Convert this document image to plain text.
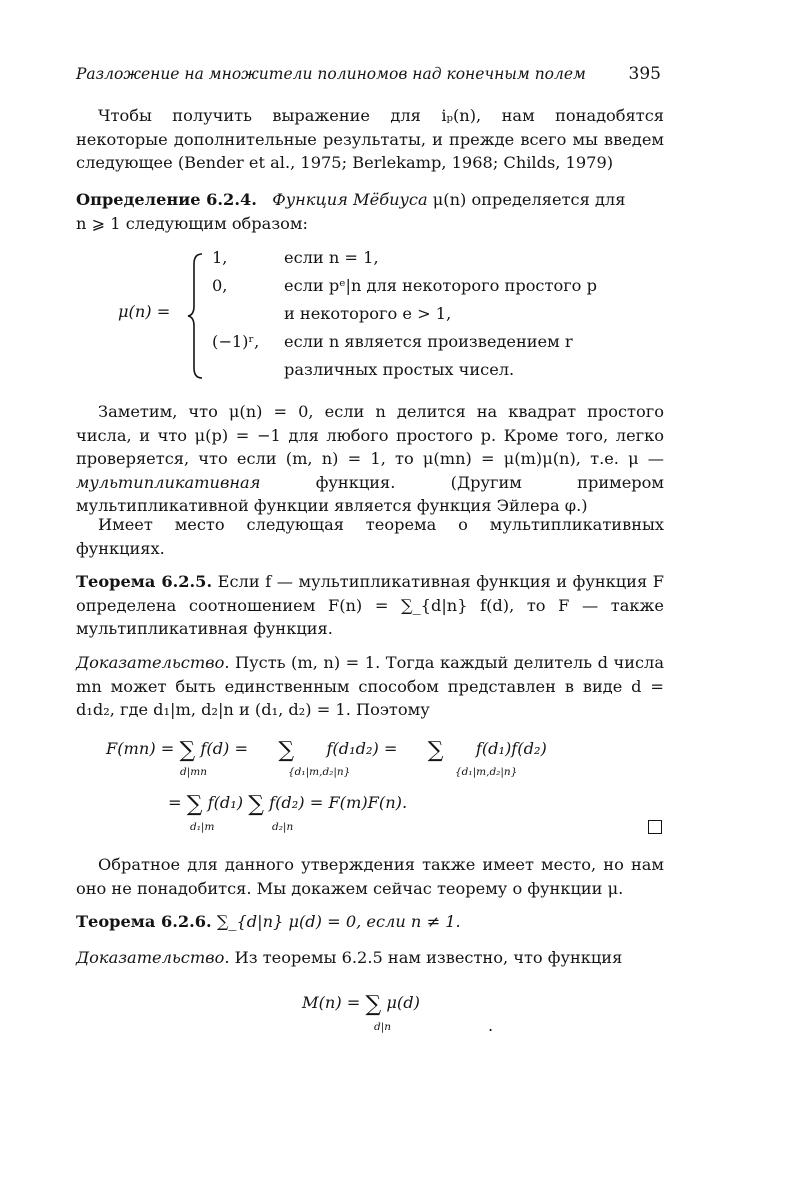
Разложение на множители полиномов над конечным полем	395

Чтобы получить выражение для iₚ(n), нам понадобятся некоторые дополнительные результаты, и прежде всего мы введем следующее (Bender et al., 1975; Berlekamp, 1968; Childs, 1979)

Определение 6.2.4. Функция Мёбиуса μ(n) определяется для
n ⩾ 1 следующим образом:
μ(n) =
1,	если n = 1,
0,	если pᵉ|n для некоторого простого p
и некоторого e > 1,
(−1)ʳ, если n является произведением r
различных простых чисел.

Заметим, что μ(n) = 0, если n делится на квадрат простого числа, и что μ(p) = −1 для любого простого p. Кроме того, легко проверяется, что если (m, n) = 1, то μ(mn) = μ(m)μ(n), т.е. μ — мультипликативная функция. (Другим примером мультипликативной функции является функция Эйлера φ.)

Имеет место следующая теорема о мультипликативных функциях.

Теорема 6.2.5. Если f — мультипликативная функция и функция F определена соотношением F(n) = ∑_{d|n} f(d), то F — также мультипликативная функция.

Доказательство. Пусть (m, n) = 1. Тогда каждый делитель d числа mn может быть единственным способом представлен в виде d = d₁d₂, где d₁|m, d₂|n и (d₁, d₂) = 1. Поэтому

F(mn) = ∑ f(d) = ∑ f(d₁d₂) = ∑ f(d₁)f(d₂)
d|mn	{d₁|m,d₂|n}	{d₁|m,d₂|n}
= ∑ f(d₁) ∑ f(d₂) = F(m)F(n).
d₁|m	d₂|n

Обратное для данного утверждения также имеет место, но нам оно не понадобится. Мы докажем сейчас теорему о функции μ.

Теорема 6.2.6. ∑_{d|n} μ(d) = 0, если n ≠ 1.

Доказательство. Из теоремы 6.2.5 нам известно, что функция

M(n) = ∑ μ(d)
d|n	.
